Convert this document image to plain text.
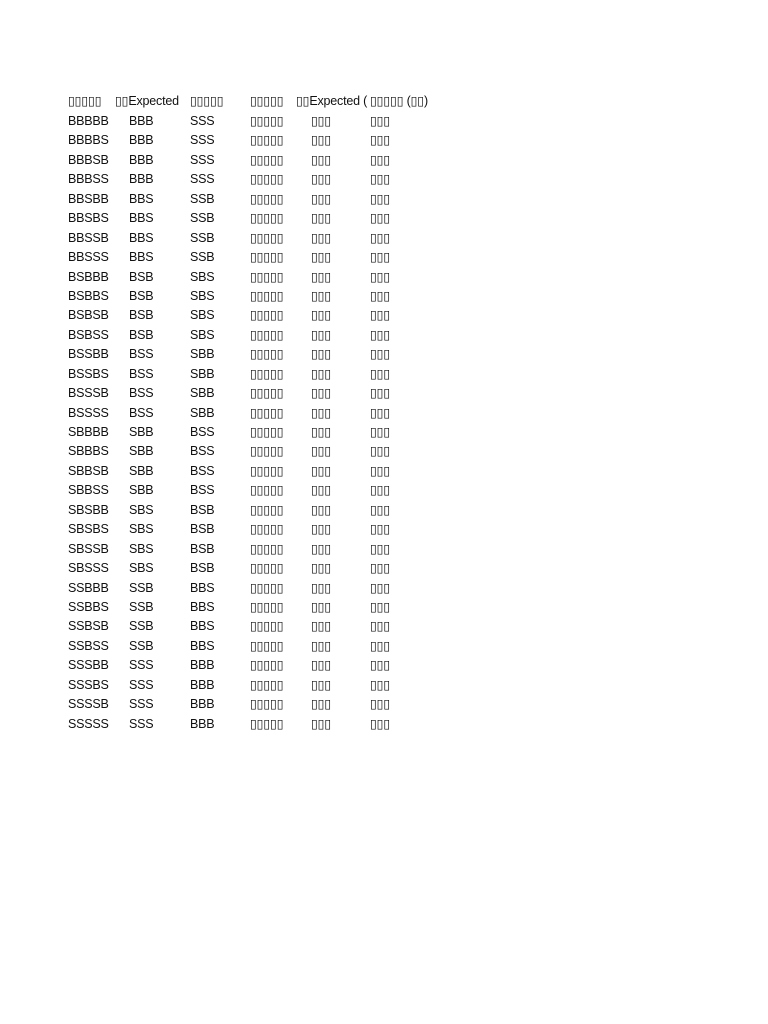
▯▯▯▯▯ ▯▯Expected ▯▯▯▯▯ ▯▯▯▯▯ ▯▯Expected ( ▯▯▯▯▯ (▯▯)
BBBBB BBB	SSS	▯▯▯▯▯ ▯▯▯	▯▯▯
BBBBS BBB	SSS	▯▯▯▯▯ ▯▯▯	▯▯▯
BBBSB BBB	SSS	▯▯▯▯▯ ▯▯▯	▯▯▯
BBBSS BBB	SSS	▯▯▯▯▯ ▯▯▯	▯▯▯
BBSBB BBS	SSB	▯▯▯▯▯ ▯▯▯	▯▯▯
BBSBS BBS	SSB	▯▯▯▯▯ ▯▯▯	▯▯▯
BBSSB BBS	SSB	▯▯▯▯▯ ▯▯▯	▯▯▯
BBSSS BBS	SSB	▯▯▯▯▯ ▯▯▯	▯▯▯
BSBBB BSB	SBS	▯▯▯▯▯ ▯▯▯	▯▯▯
BSBBS BSB	SBS	▯▯▯▯▯ ▯▯▯	▯▯▯
BSBSB BSB	SBS	▯▯▯▯▯ ▯▯▯	▯▯▯
BSBSS BSB	SBS	▯▯▯▯▯ ▯▯▯	▯▯▯
BSSBB BSS	SBB	▯▯▯▯▯ ▯▯▯	▯▯▯
BSSBS BSS	SBB	▯▯▯▯▯ ▯▯▯	▯▯▯
BSSSB BSS	SBB	▯▯▯▯▯ ▯▯▯	▯▯▯
BSSSS BSS	SBB	▯▯▯▯▯ ▯▯▯	▯▯▯
SBBBB SBB	BSS	▯▯▯▯▯ ▯▯▯	▯▯▯
SBBBS SBB	BSS	▯▯▯▯▯ ▯▯▯	▯▯▯
SBBSB SBB	BSS	▯▯▯▯▯ ▯▯▯	▯▯▯
SBBSS SBB	BSS	▯▯▯▯▯ ▯▯▯	▯▯▯
SBSBB SBS	BSB	▯▯▯▯▯ ▯▯▯	▯▯▯
SBSBS SBS	BSB	▯▯▯▯▯ ▯▯▯	▯▯▯
SBSSB SBS	BSB	▯▯▯▯▯ ▯▯▯	▯▯▯
SBSSS SBS	BSB	▯▯▯▯▯ ▯▯▯	▯▯▯
SSBBB SSB	BBS	▯▯▯▯▯ ▯▯▯	▯▯▯
SSBBS SSB	BBS	▯▯▯▯▯ ▯▯▯	▯▯▯
SSBSB SSB	BBS	▯▯▯▯▯ ▯▯▯	▯▯▯
SSBSS SSB	BBS	▯▯▯▯▯ ▯▯▯	▯▯▯
SSSBB SSS	BBB	▯▯▯▯▯ ▯▯▯	▯▯▯
SSSBS SSS	BBB	▯▯▯▯▯ ▯▯▯	▯▯▯
SSSSB SSS	BBB	▯▯▯▯▯ ▯▯▯	▯▯▯
SSSSS SSS	BBB	▯▯▯▯▯ ▯▯▯	▯▯▯
